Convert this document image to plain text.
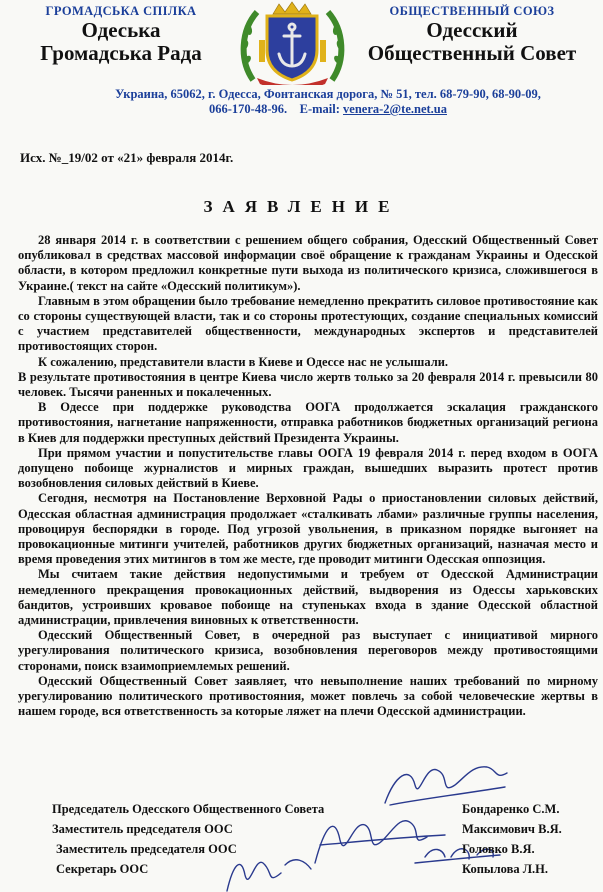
ГРОМАДСЬКА СПІЛКА
Одеська
Громадська Рада
ОБЩЕСТВЕННЫЙ СОЮЗ
Одесский
Общественный Совет
Украина, 65062, г. Одесса, Фонтанская дорога, № 51, тел. 68-79-90, 68-90-09,
066-170-48-96.    E-mail: venera-2@te.net.ua
Исх. №_19/02 от «21» февраля 2014г.
ЗАЯВЛЕНИЕ

28 января 2014 г. в соответствии с решением общего собрания, Одесский Общественный Совет опубликовал в средствах массовой информации своё обращение к гражданам Украины и Одесской области, в котором предложил конкретные пути выхода из политического кризиса, сложившегося в Украине.( текст на сайте «Одесский политикум»).

Главным в этом обращении было требование немедленно прекратить силовое противостояние как со стороны существующей власти, так и со стороны протестующих, создание специальных комиссий с участием представителей общественности, международных экспертов и представителей противостоящих сторон.

К сожалению, представители власти в Киеве и Одессе нас не услышали.

В результате противостояния в центре Киева число жертв только за 20 февраля 2014 г. превысили 80 человек. Тысячи раненных и покалеченных.

В Одессе при поддержке руководства ООГА продолжается эскалация гражданского противостояния, нагнетание напряженности, отправка работников бюджетных организаций региона в Киев для поддержки преступных действий Президента Украины.

При прямом участии и попустительстве главы ООГА 19 февраля 2014 г. перед входом в ООГА допущено побоище журналистов и мирных граждан, вышедших выразить протест против возобновления силовых действий в Киеве.

Сегодня, несмотря на Постановление Верховной Рады о приостановлении силовых действий, Одесская областная администрация продолжает «сталкивать лбами» различные группы населения, провоцируя беспорядки в городе. Под угрозой увольнения, в приказном порядке выгоняет на провокационные митинги учителей, работников других бюджетных организаций, назначая место и время проведения этих митингов в том же месте, где проводит митинги Одесская оппозиция.

Мы считаем такие действия недопустимыми и требуем от Одесской Администрации немедленного прекращения провокационных действий, выдворения из Одессы харьковских бандитов, устроивших кровавое побоище на ступеньках входа в здание Одесской областной администрации, привлечения виновных к ответственности.

Одесский Общественный Совет, в очередной раз выступает с инициативой мирного урегулирования политического кризиса, возобновления переговоров между противостоящими сторонами, поиск взаимоприемлемых решений.

Одесский Общественный Совет заявляет, что невыполнение наших требований по мирному урегулированию политического противостояния, может повлечь за собой человеческие жертвы в нашем городе, вся ответственность за которые ляжет на плечи Одесской администрации.

Председатель Одесского Общественного Совета
Заместитель председателя ООС
Заместитель председателя ООС
Секретарь ООС
Бондаренко С.М.
Максимович В.Я.
Головко В.Я.
Копылова Л.Н.
